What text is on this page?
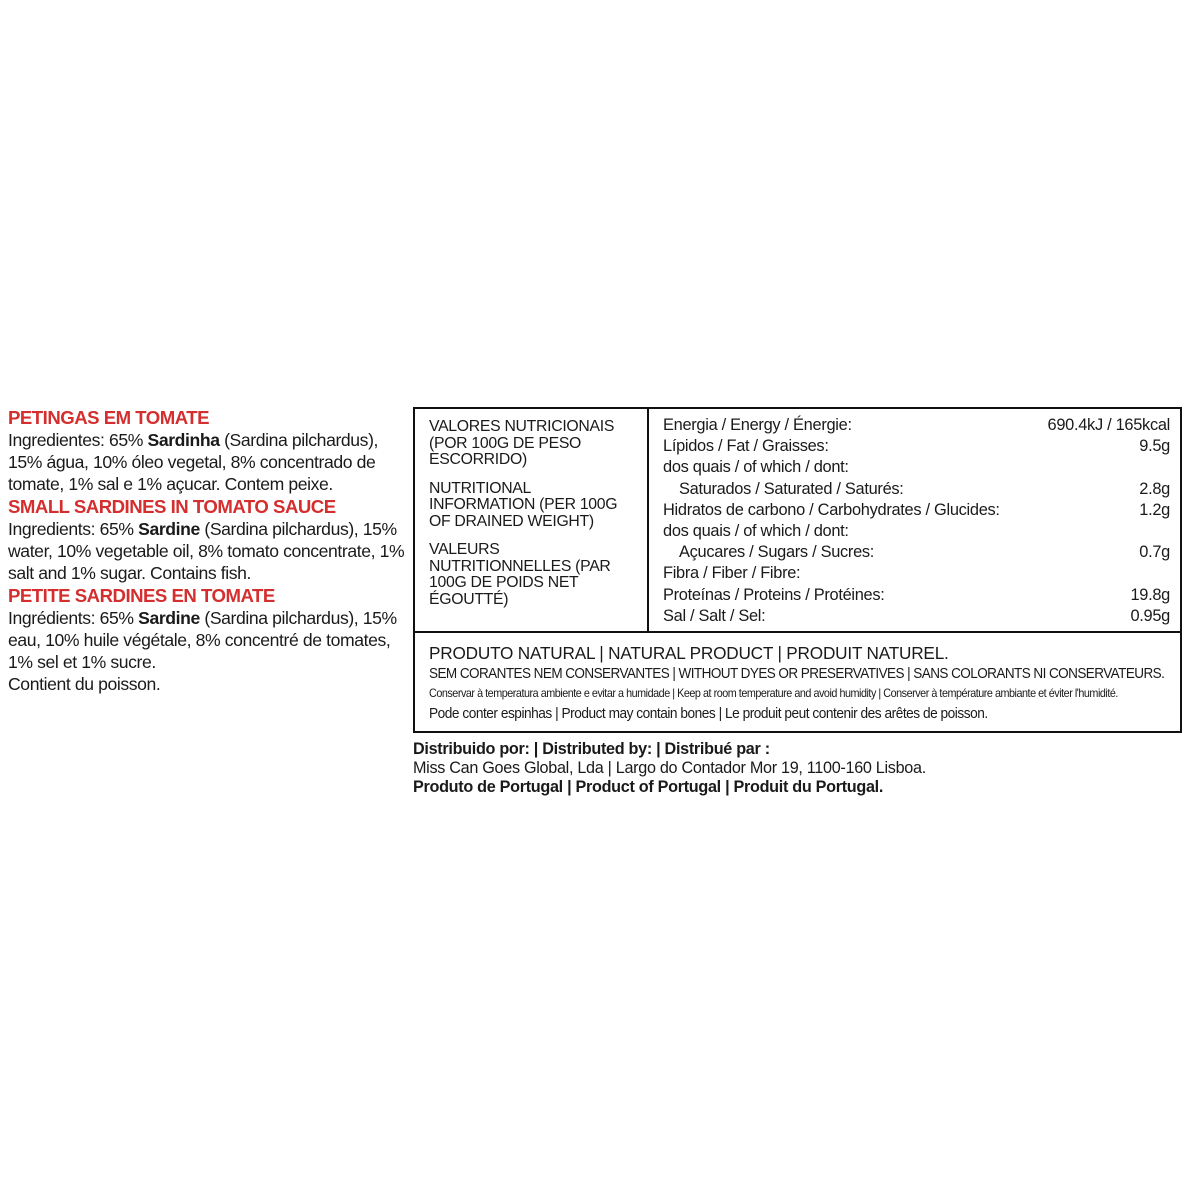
PETINGAS EM TOMATE

Ingredientes: 65% Sardinha (Sardina pilchardus), 15% água, 10% óleo vegetal, 8% concentrado de tomate, 1% sal e 1% açucar. Contem peixe.

SMALL SARDINES IN TOMATO SAUCE

Ingredients: 65% Sardine (Sardina pilchardus), 15% water, 10% vegetable oil, 8% tomato concentrate, 1% salt and 1% sugar. Contains fish.

PETITE SARDINES EN TOMATE

Ingrédients: 65% Sardine (Sardina pilchardus), 15% eau, 10% huile végétale, 8% concentré de tomates, 1% sel et 1% sucre.
Contient du poisson.

VALORES NUTRICIONAIS (POR 100G DE PESO ESCORRIDO)
NUTRITIONAL INFORMATION (PER 100G OF DRAINED WEIGHT)
VALEURS NUTRITIONNELLES (PAR 100G DE POIDS NET ÉGOUTTÉ)
Energia / Energy / Énergie:	690.4kJ / 165kcal
Lípidos / Fat / Graisses:	9.5g
dos quais / of which / dont:
Saturados / Saturated / Saturés:	2.8g
Hidratos de carbono / Carbohydrates / Glucides:	1.2g
dos quais / of which / dont:
Açucares / Sugars / Sucres:	0.7g
Fibra / Fiber / Fibre:
Proteínas / Proteins / Protéines:	19.8g
Sal / Salt / Sel:	0.95g
PRODUTO NATURAL | NATURAL PRODUCT | PRODUIT NATUREL.
SEM CORANTES NEM CONSERVANTES | WITHOUT DYES OR PRESERVATIVES | SANS COLORANTS NI CONSERVATEURS.
Conservar à temperatura ambiente e evitar a humidade | Keep at room temperature and avoid humidity | Conserver à température ambiante et éviter l'humidité.
Pode conter espinhas | Product may contain bones | Le produit peut contenir des arêtes de poisson.
Distribuido por: | Distributed by: | Distribué par :
Miss Can Goes Global, Lda | Largo do Contador Mor 19, 1100-160 Lisboa.
Produto de Portugal | Product of Portugal | Produit du Portugal.
